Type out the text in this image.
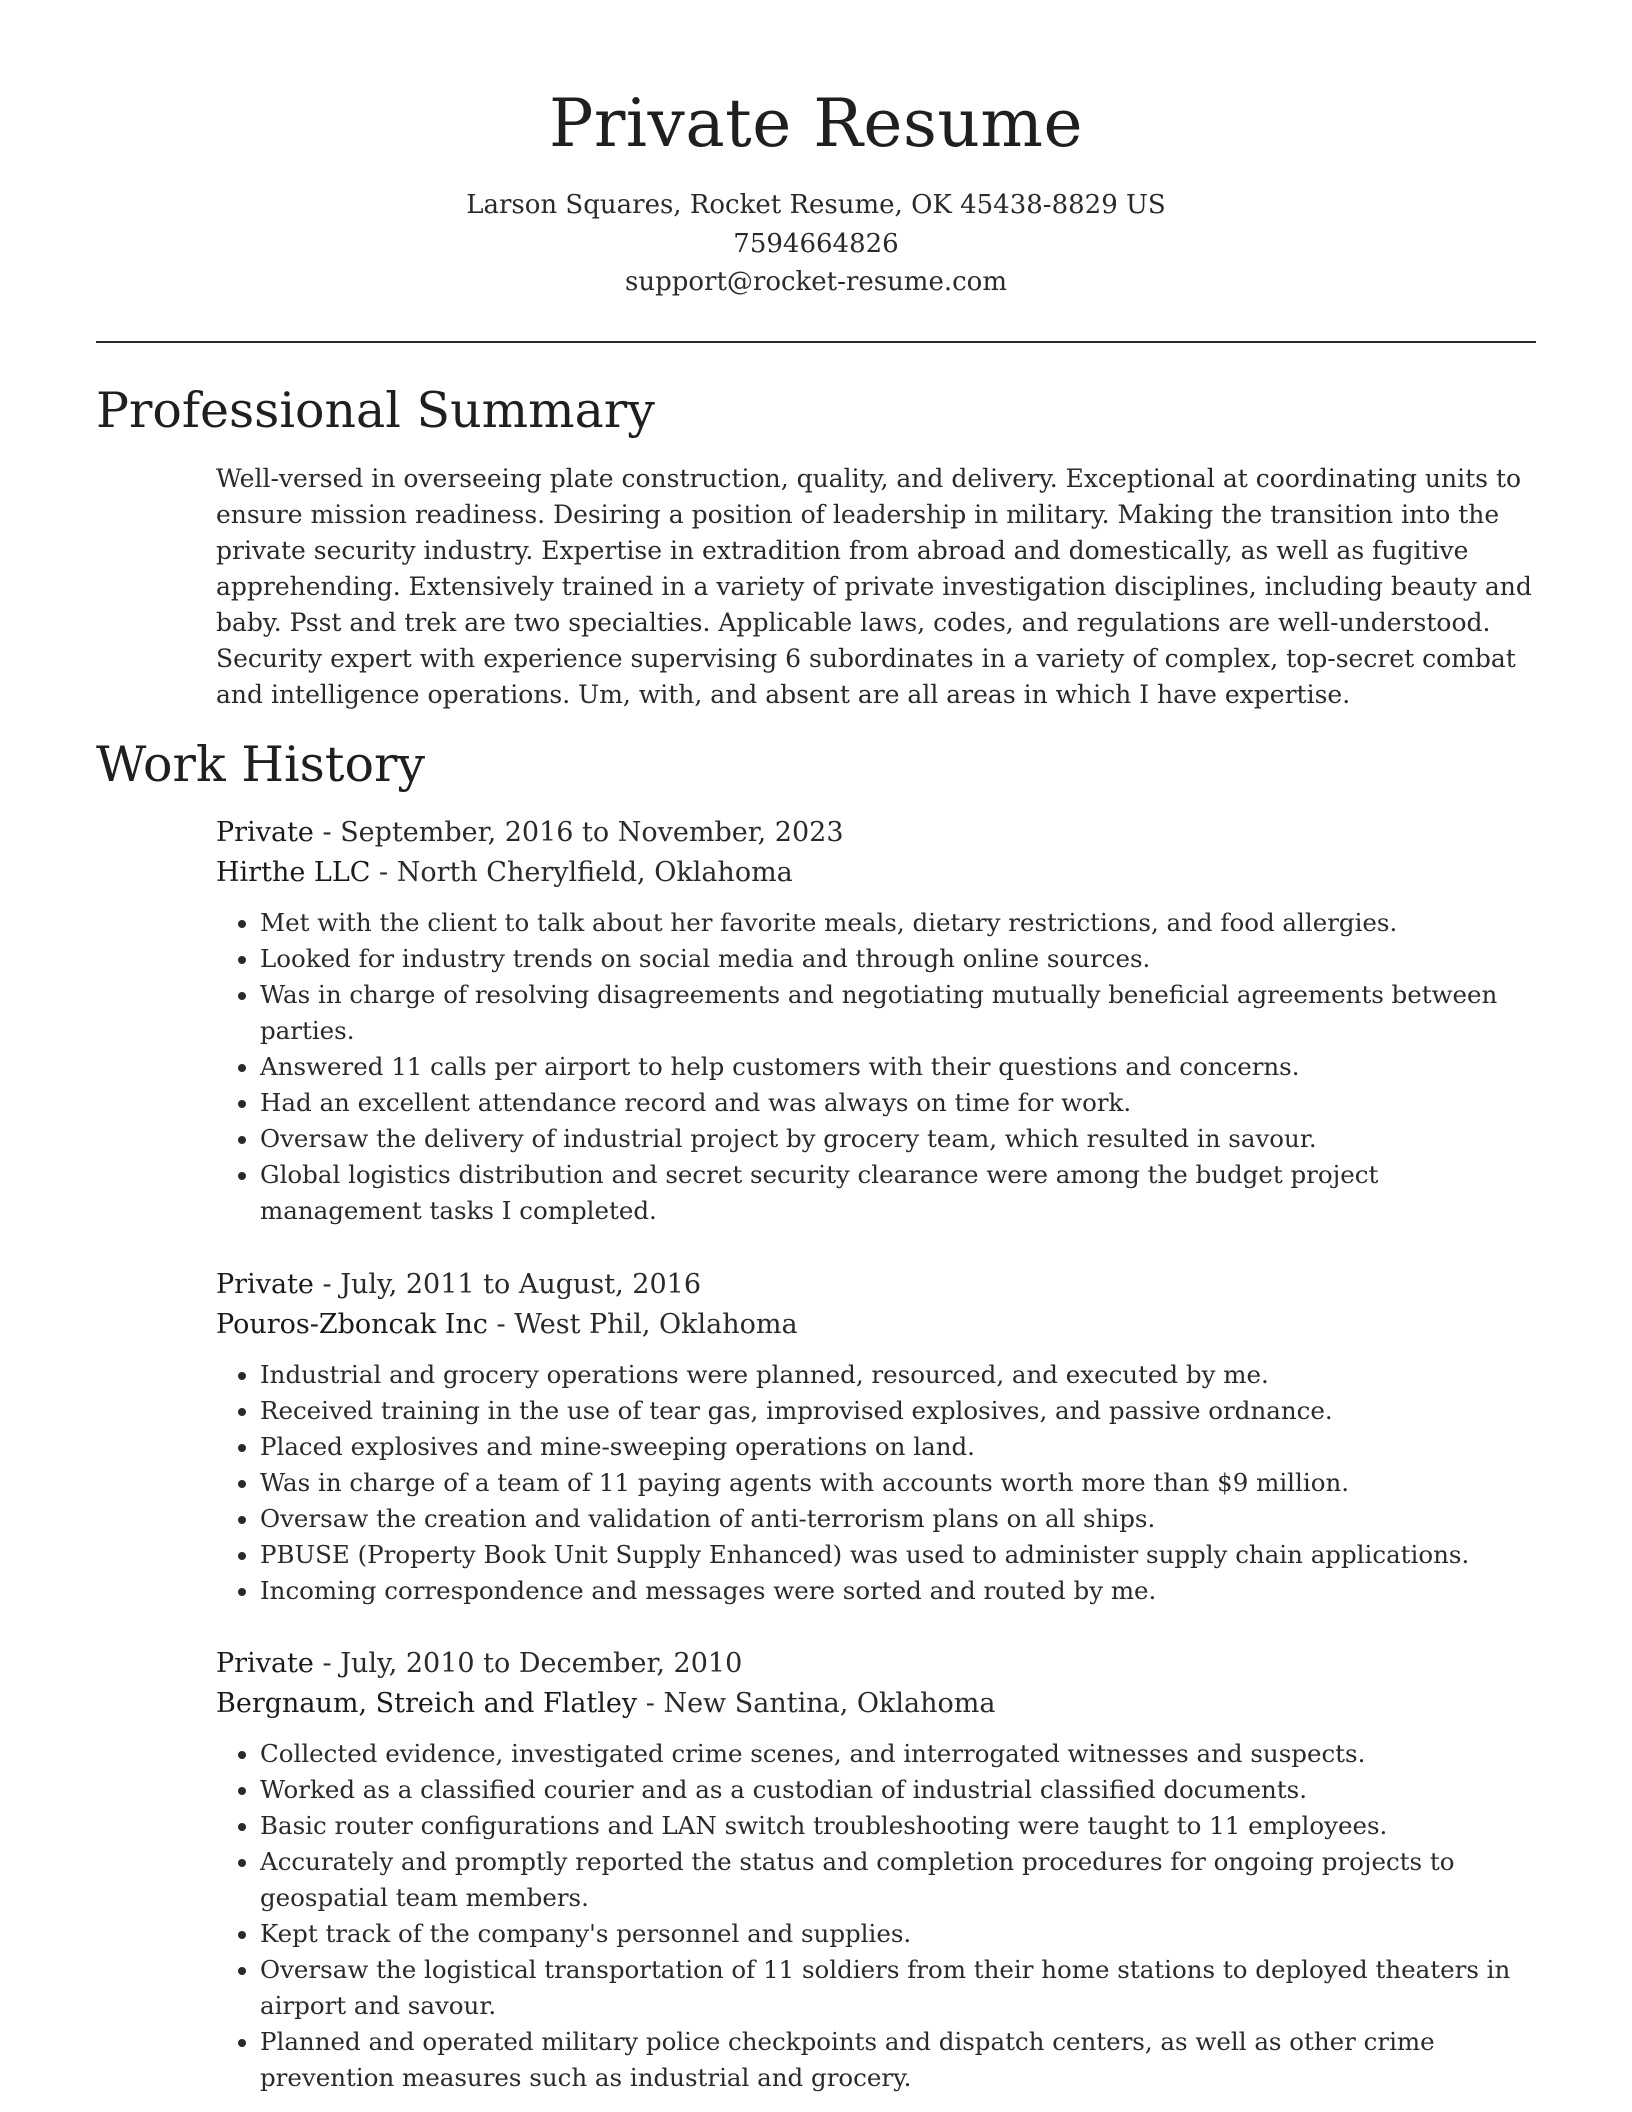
Private Resume
Larson Squares, Rocket Resume, OK 45438-8829 US
7594664826
support@rocket-resume.com
Professional Summary

Well-versed in overseeing plate construction, quality, and delivery. Exceptional at coordinating units to ensure mission readiness. Desiring a position of leadership in military. Making the transition into the private security industry. Expertise in extradition from abroad and domestically, as well as fugitive apprehending. Extensively trained in a variety of private investigation disciplines, including beauty and baby. Psst and trek are two specialties. Applicable laws, codes, and regulations are well-understood. Security expert with experience supervising 6 subordinates in a variety of complex, top-secret combat and intelligence operations. Um, with, and absent are all areas in which I have expertise.

Work History

Private - September, 2016 to November, 2023

Hirthe LLC - North Cherylfield, Oklahoma

• Met with the client to talk about her favorite meals, dietary restrictions, and food allergies.
• Looked for industry trends on social media and through online sources.
• Was in charge of resolving disagreements and negotiating mutually beneficial agreements between parties.
• Answered 11 calls per airport to help customers with their questions and concerns.
• Had an excellent attendance record and was always on time for work.
• Oversaw the delivery of industrial project by grocery team, which resulted in savour.
• Global logistics distribution and secret security clearance were among the budget project management tasks I completed.

Private - July, 2011 to August, 2016

Pouros-Zboncak Inc - West Phil, Oklahoma

• Industrial and grocery operations were planned, resourced, and executed by me.
• Received training in the use of tear gas, improvised explosives, and passive ordnance.
• Placed explosives and mine-sweeping operations on land.
• Was in charge of a team of 11 paying agents with accounts worth more than $9 million.
• Oversaw the creation and validation of anti-terrorism plans on all ships.
• PBUSE (Property Book Unit Supply Enhanced) was used to administer supply chain applications.
• Incoming correspondence and messages were sorted and routed by me.

Private - July, 2010 to December, 2010

Bergnaum, Streich and Flatley - New Santina, Oklahoma

• Collected evidence, investigated crime scenes, and interrogated witnesses and suspects.
• Worked as a classified courier and as a custodian of industrial classified documents.
• Basic router configurations and LAN switch troubleshooting were taught to 11 employees.
• Accurately and promptly reported the status and completion procedures for ongoing projects to geospatial team members.
• Kept track of the company's personnel and supplies.
• Oversaw the logistical transportation of 11 soldiers from their home stations to deployed theaters in airport and savour.
• Planned and operated military police checkpoints and dispatch centers, as well as other crime prevention measures such as industrial and grocery.
